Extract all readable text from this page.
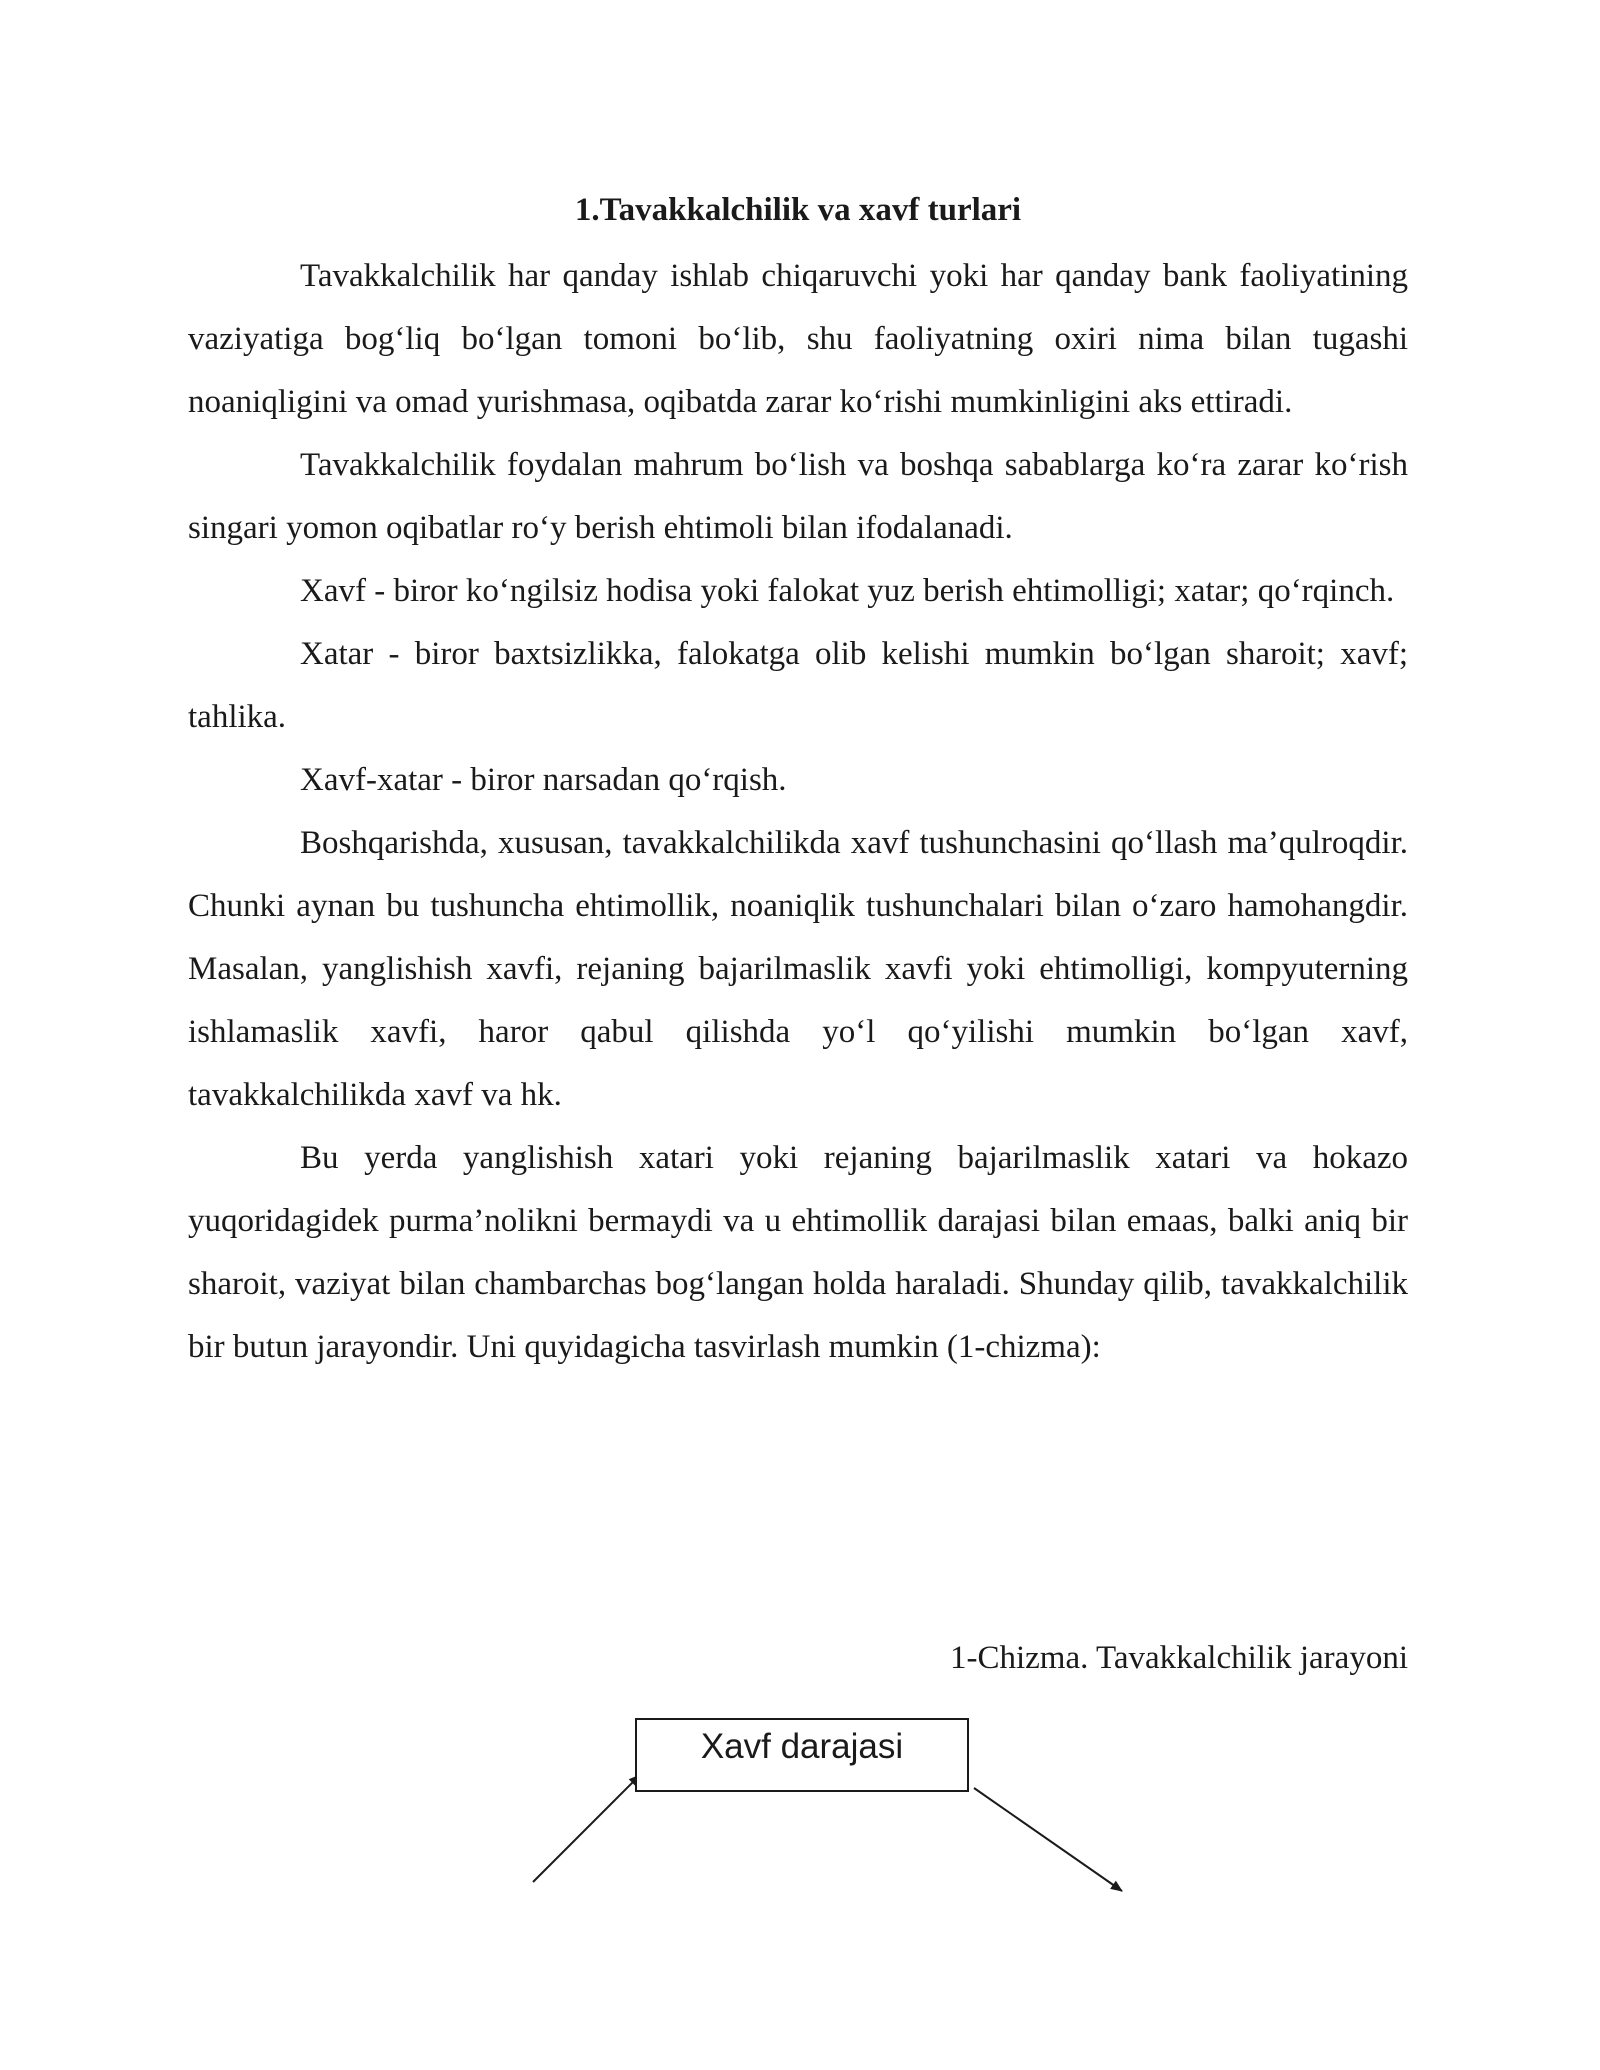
1.Tavakkalchilik va xavf turlari

Tavakkalchilik har qanday ishlab chiqaruvchi yoki har qanday bank faoliyatining vaziyatiga bog‘liq bo‘lgan tomoni bo‘lib, shu faoliyatning oxiri nima bilan tugashi noaniqligini va omad yurishmasa, oqibatda zarar ko‘rishi mumkinligini aks ettiradi.

Tavakkalchilik foydalan mahrum bo‘lish va boshqa sabablarga ko‘ra zarar ko‘rish singari yomon oqibatlar ro‘y berish ehtimoli bilan ifodalanadi.

Xavf - biror ko‘ngilsiz hodisa yoki falokat yuz berish ehtimolligi; xatar; qo‘rqinch.

Xatar - biror baxtsizlikka, falokatga olib kelishi mumkin bo‘lgan sharoit; xavf; tahlika.

Xavf-xatar - biror narsadan qo‘rqish.

Boshqarishda, xususan, tavakkalchilikda xavf tushunchasini qo‘llash ma’qulroqdir. Chunki aynan bu tushuncha ehtimollik, noaniqlik tushunchalari bilan o‘zaro hamohangdir. Masalan, yanglishish xavfi, rejaning bajarilmaslik xavfi yoki ehtimolligi, kompyuterning ishlamaslik xavfi, haror qabul qilishda yo‘l qo‘yilishi mumkin bo‘lgan xavf, tavakkalchilikda xavf va hk.

Bu yerda yanglishish xatari yoki rejaning bajarilmaslik xatari va hokazo yuqoridagidek purma’nolikni bermaydi va u ehtimollik darajasi bilan emaas, balki aniq bir sharoit, vaziyat bilan chambarchas bog‘langan holda haraladi. Shunday qilib, tavakkalchilik bir butun jarayondir. Uni quyidagicha tasvirlash mumkin (1-chizma):

1-Chizma. Tavakkalchilik jarayoni
Xavf darajasi
